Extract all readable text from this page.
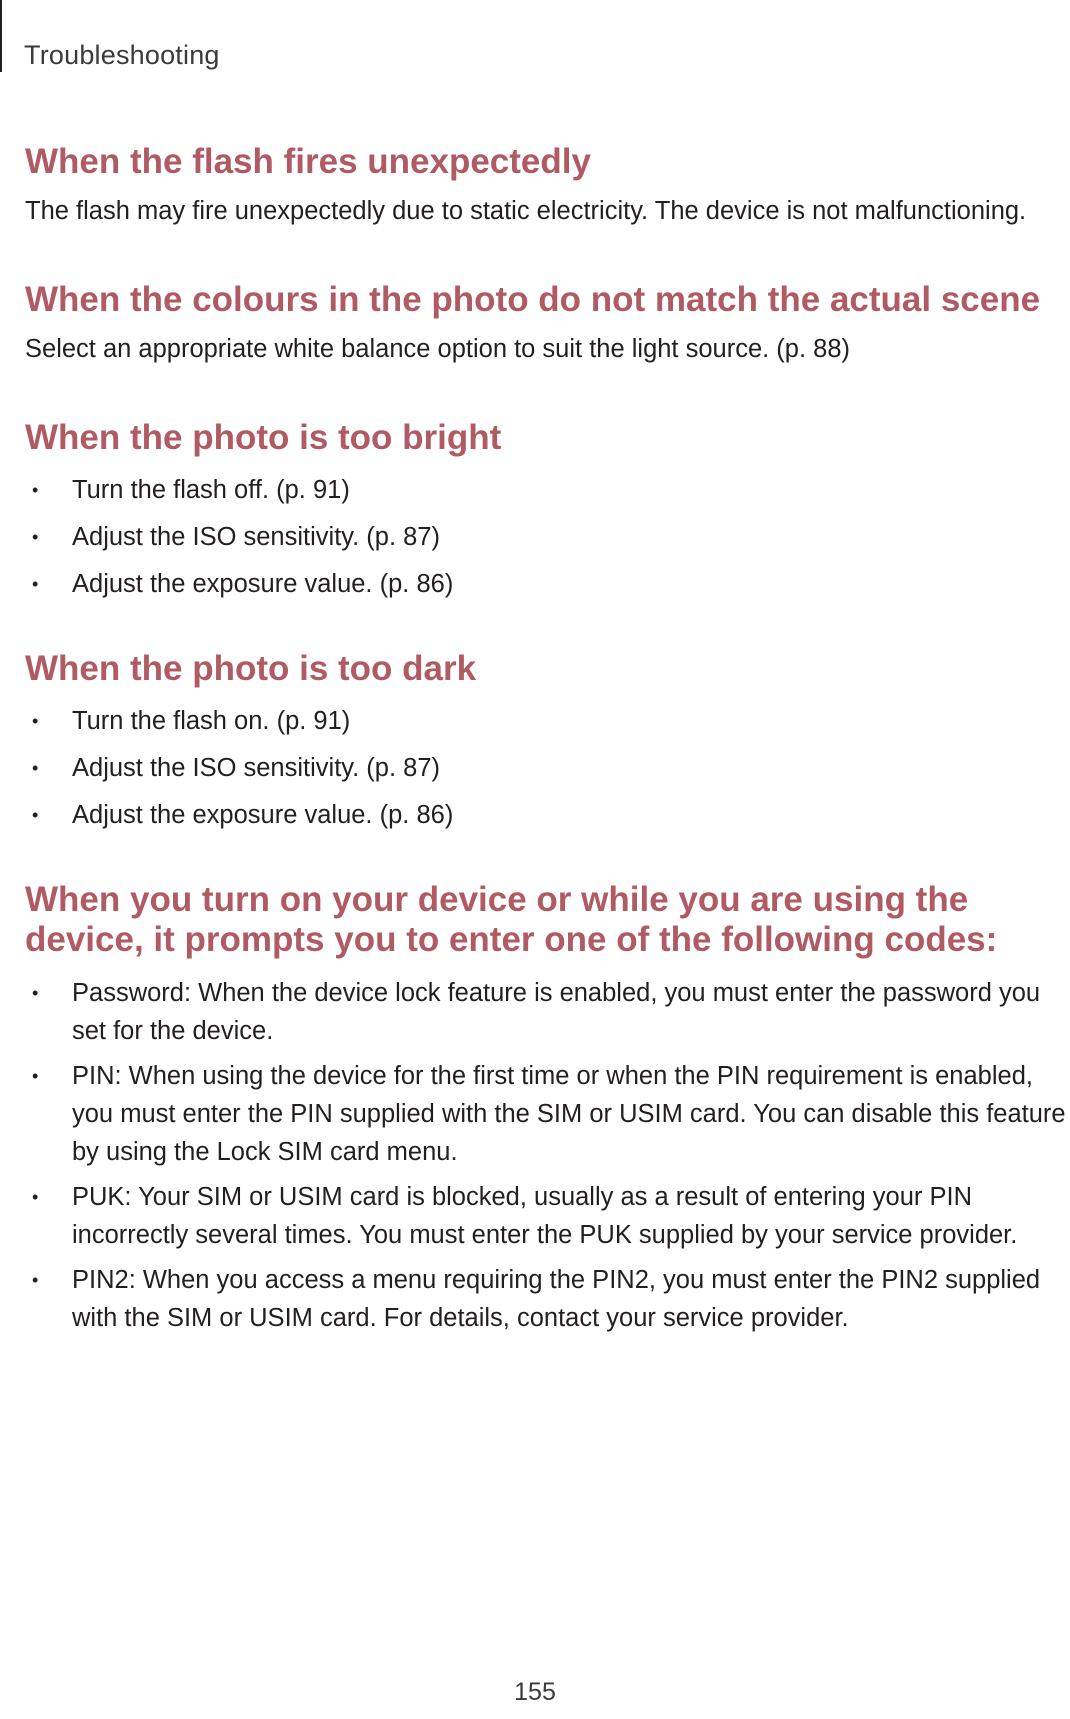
Troubleshooting
When the flash fires unexpectedly

The flash may fire unexpectedly due to static electricity. The device is not malfunctioning.

When the colours in the photo do not match the actual scene

Select an appropriate white balance option to suit the light source. (p. 88)

When the photo is too bright
• Turn the flash off. (p. 91)
• Adjust the ISO sensitivity. (p. 87)
• Adjust the exposure value. (p. 86)
When the photo is too dark
• Turn the flash on. (p. 91)
• Adjust the ISO sensitivity. (p. 87)
• Adjust the exposure value. (p. 86)
When you turn on your device or while you are using the device, it prompts you to enter one of the following codes:
• Password: When the device lock feature is enabled, you must enter the password you set for the device.
• PIN: When using the device for the first time or when the PIN requirement is enabled, you must enter the PIN supplied with the SIM or USIM card. You can disable this feature by using the Lock SIM card menu.
• PUK: Your SIM or USIM card is blocked, usually as a result of entering your PIN incorrectly several times. You must enter the PUK supplied by your service provider.
• PIN2: When you access a menu requiring the PIN2, you must enter the PIN2 supplied with the SIM or USIM card. For details, contact your service provider.
155
